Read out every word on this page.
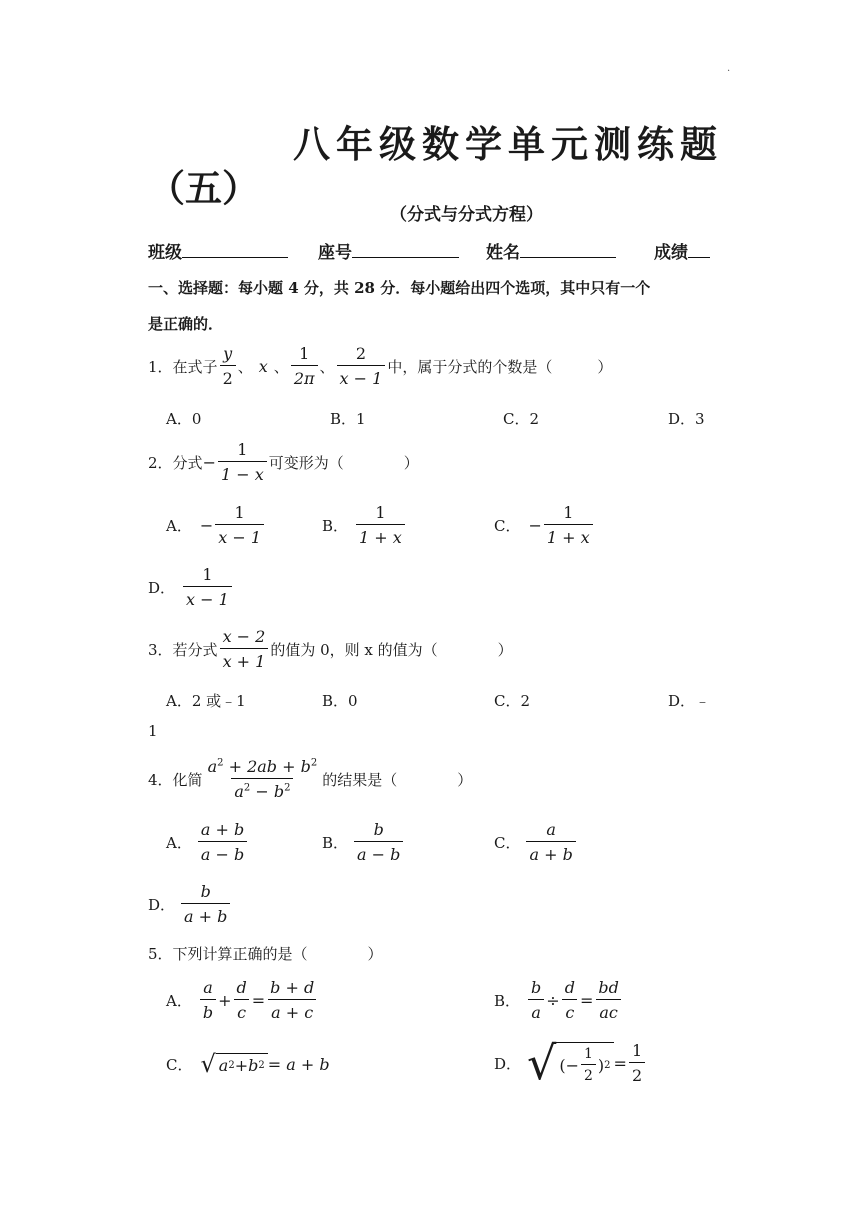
.
八年级数学单元测练题
（五）
（分式与分式方程）
班级	座号	姓名	成绩
一、选择题：每小题 4 分，共 28 分．每小题给出四个选项，其中只有一个
是正确的．
1． 在式子 $\frac{y}{2}$ 、 x 、 $\frac{1}{2\pi}$ 、 $\frac{2}{x - 1}$ 中，属于分式的个数是（　　　）
A．0	B．1	C．2	D．3
2． 分式 − $\frac{1}{1 - x}$ 可变形为（　　　　）
A． − $\frac{1}{x - 1}$	B． $\frac{1}{1 + x}$	C． − $\frac{1}{1 + x}$
D． $\frac{1}{x - 1}$
3． 若分式 $\frac{x - 2}{x + 1}$ 的值为 0，则 x 的值为（　　　　）
A．2 或﹣1	B．0	C．2	D．﹣
1
4． 化简 $\frac{a^2 + 2ab + b^2}{a^2 - b^2}$ 的结果是（　　　　）
A． $\frac{a + b}{a - b}$	B． $\frac{b}{a - b}$	C． $\frac{a}{a + b}$
D． $\frac{b}{a + b}$
5．下列计算正确的是（　　　　）
A． $\frac{a}{b} + \frac{d}{c} = \frac{b + d}{a + c}$	B． $\frac{b}{a} \div \frac{d}{c} = \frac{bd}{ac}$
C． √ a 2 + b 2 = a + b	D． √ (− $\frac{1}{2}$ ) $2 = \frac{1}{2}$
